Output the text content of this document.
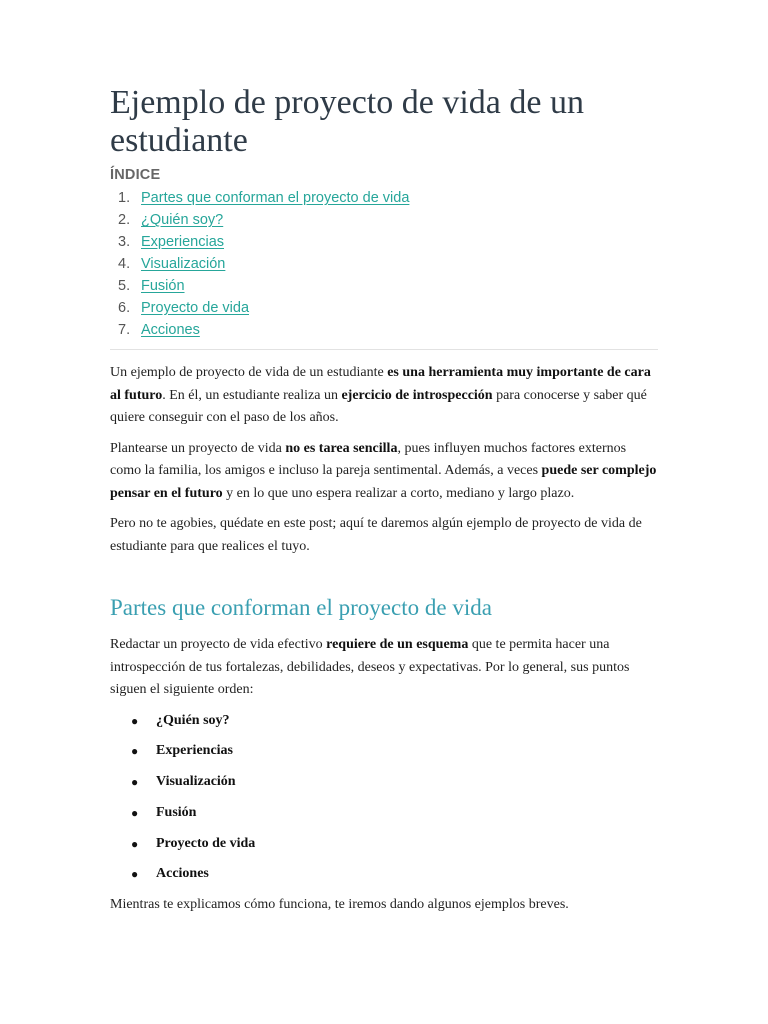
Ejemplo de proyecto de vida de un estudiante
ÍNDICE
1. Partes que conforman el proyecto de vida
2. ¿Quién soy?
3. Experiencias
4. Visualización
5. Fusión
6. Proyecto de vida
7. Acciones

Un ejemplo de proyecto de vida de un estudiante es una herramienta muy importante de cara al futuro. En él, un estudiante realiza un ejercicio de introspección para conocerse y saber qué quiere conseguir con el paso de los años.

Plantearse un proyecto de vida no es tarea sencilla, pues influyen muchos factores externos como la familia, los amigos e incluso la pareja sentimental. Además, a veces puede ser complejo pensar en el futuro y en lo que uno espera realizar a corto, mediano y largo plazo.

Pero no te agobies, quédate en este post; aquí te daremos algún ejemplo de proyecto de vida de estudiante para que realices el tuyo.

Partes que conforman el proyecto de vida

Redactar un proyecto de vida efectivo requiere de un esquema que te permita hacer una introspección de tus fortalezas, debilidades, deseos y expectativas. Por lo general, sus puntos siguen el siguiente orden:

● ¿Quién soy?
● Experiencias
● Visualización
● Fusión
● Proyecto de vida
● Acciones

Mientras te explicamos cómo funciona, te iremos dando algunos ejemplos breves.
